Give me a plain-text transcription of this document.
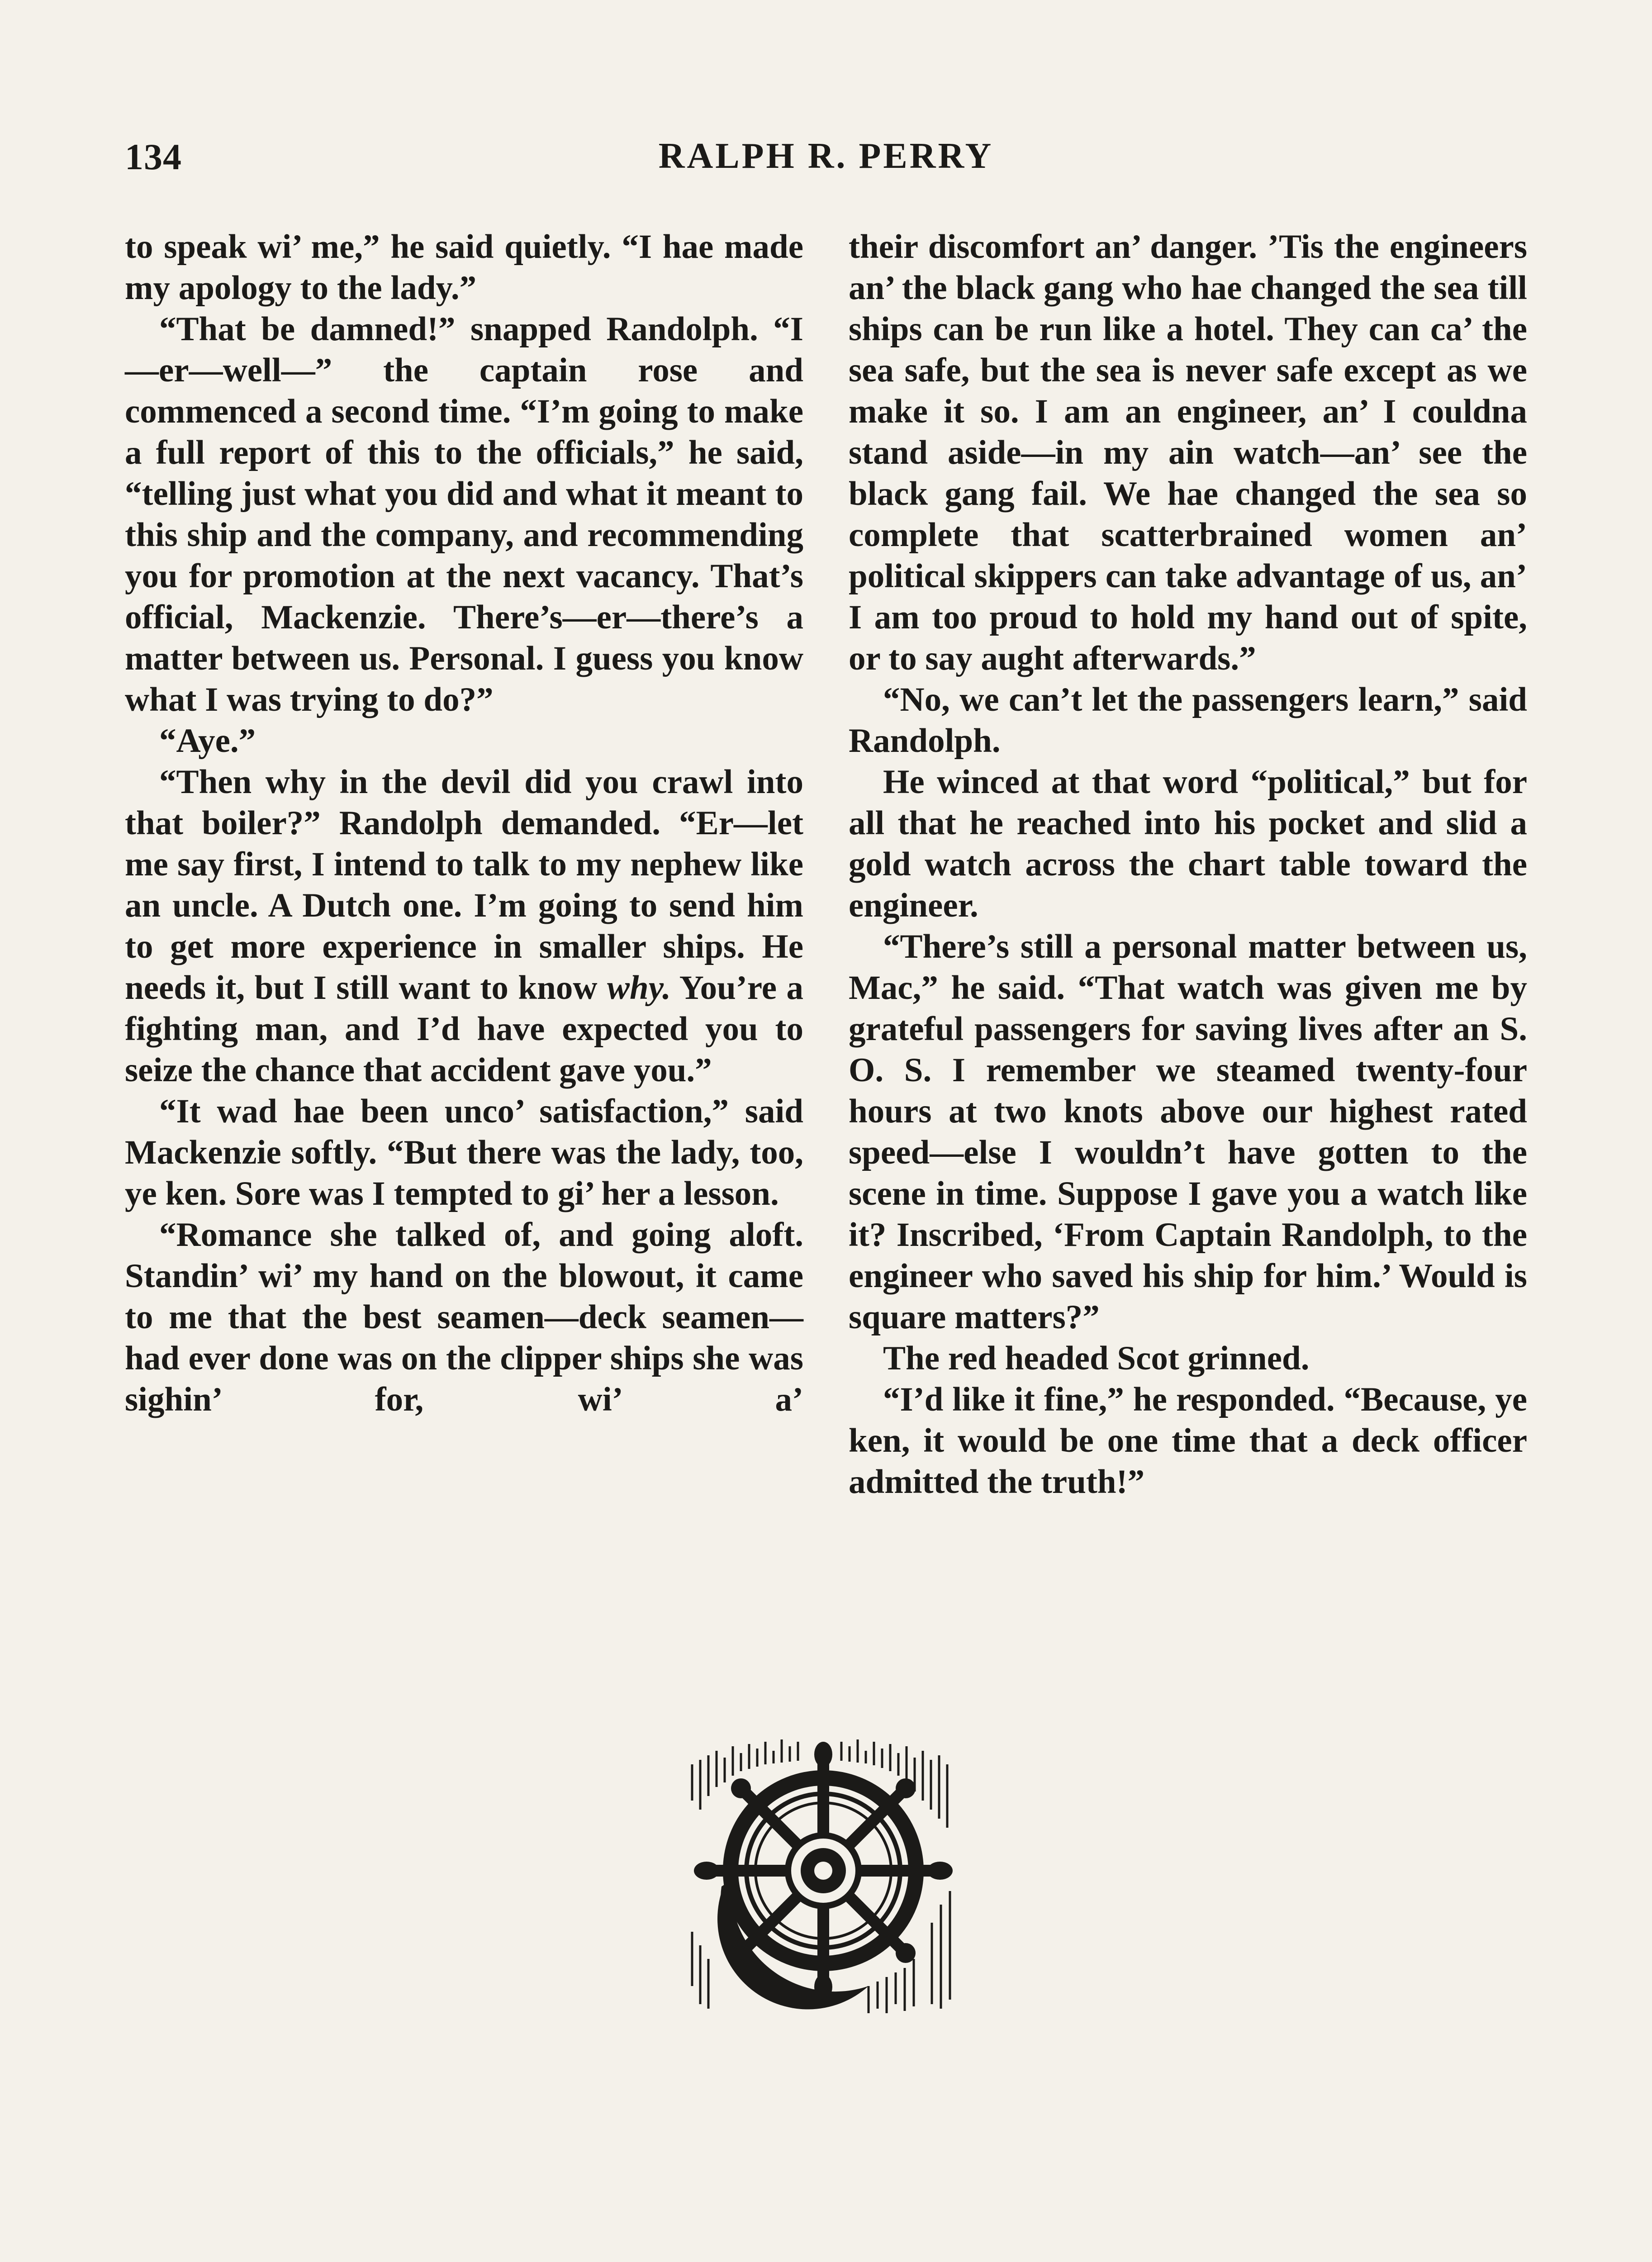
134	RALPH R. PERRY

to speak wi’ me,” he said quietly. “I hae made my apology to the lady.”

“That be damned!” snapped Randolph. “I—er—well—” the captain rose and commenced a second time. “I’m going to make a full report of this to the officials,” he said, “telling just what you did and what it meant to this ship and the company, and recommending you for promotion at the next vacancy. That’s official, Mackenzie. There’s—er—there’s a matter between us. Personal. I guess you know what I was trying to do?”

“Aye.”

“Then why in the devil did you crawl into that boiler?” Randolph demanded. “Er—let me say first, I intend to talk to my nephew like an uncle. A Dutch one. I’m going to send him to get more experience in smaller ships. He needs it, but I still want to know why. You’re a fighting man, and I’d have expected you to seize the chance that accident gave you.”

“It wad hae been unco’ satisfaction,” said Mackenzie softly. “But there was the lady, too, ye ken. Sore was I tempted to gi’ her a lesson.

“Romance she talked of, and going aloft. Standin’ wi’ my hand on the blowout, it came to me that the best seamen—deck seamen—had ever done was on the clipper ships she was sighin’ for, wi’ a’

their discomfort an’ danger. ’Tis the engineers an’ the black gang who hae changed the sea till ships can be run like a hotel. They can ca’ the sea safe, but the sea is never safe except as we make it so. I am an engineer, an’ I couldna stand aside—in my ain watch—an’ see the black gang fail. We hae changed the sea so complete that scatterbrained women an’ political skippers can take advantage of us, an’ I am too proud to hold my hand out of spite, or to say aught afterwards.”

“No, we can’t let the passengers learn,” said Randolph.

He winced at that word “political,” but for all that he reached into his pocket and slid a gold watch across the chart table toward the engineer.

“There’s still a personal matter between us, Mac,” he said. “That watch was given me by grateful passengers for saving lives after an S. O. S. I remember we steamed twenty-four hours at two knots above our highest rated speed—else I wouldn’t have gotten to the scene in time. Suppose I gave you a watch like it? Inscribed, ‘From Captain Randolph, to the engineer who saved his ship for him.’ Would is square matters?”

The red headed Scot grinned.

“I’d like it fine,” he responded. “Because, ye ken, it would be one time that a deck officer admitted the truth!”
